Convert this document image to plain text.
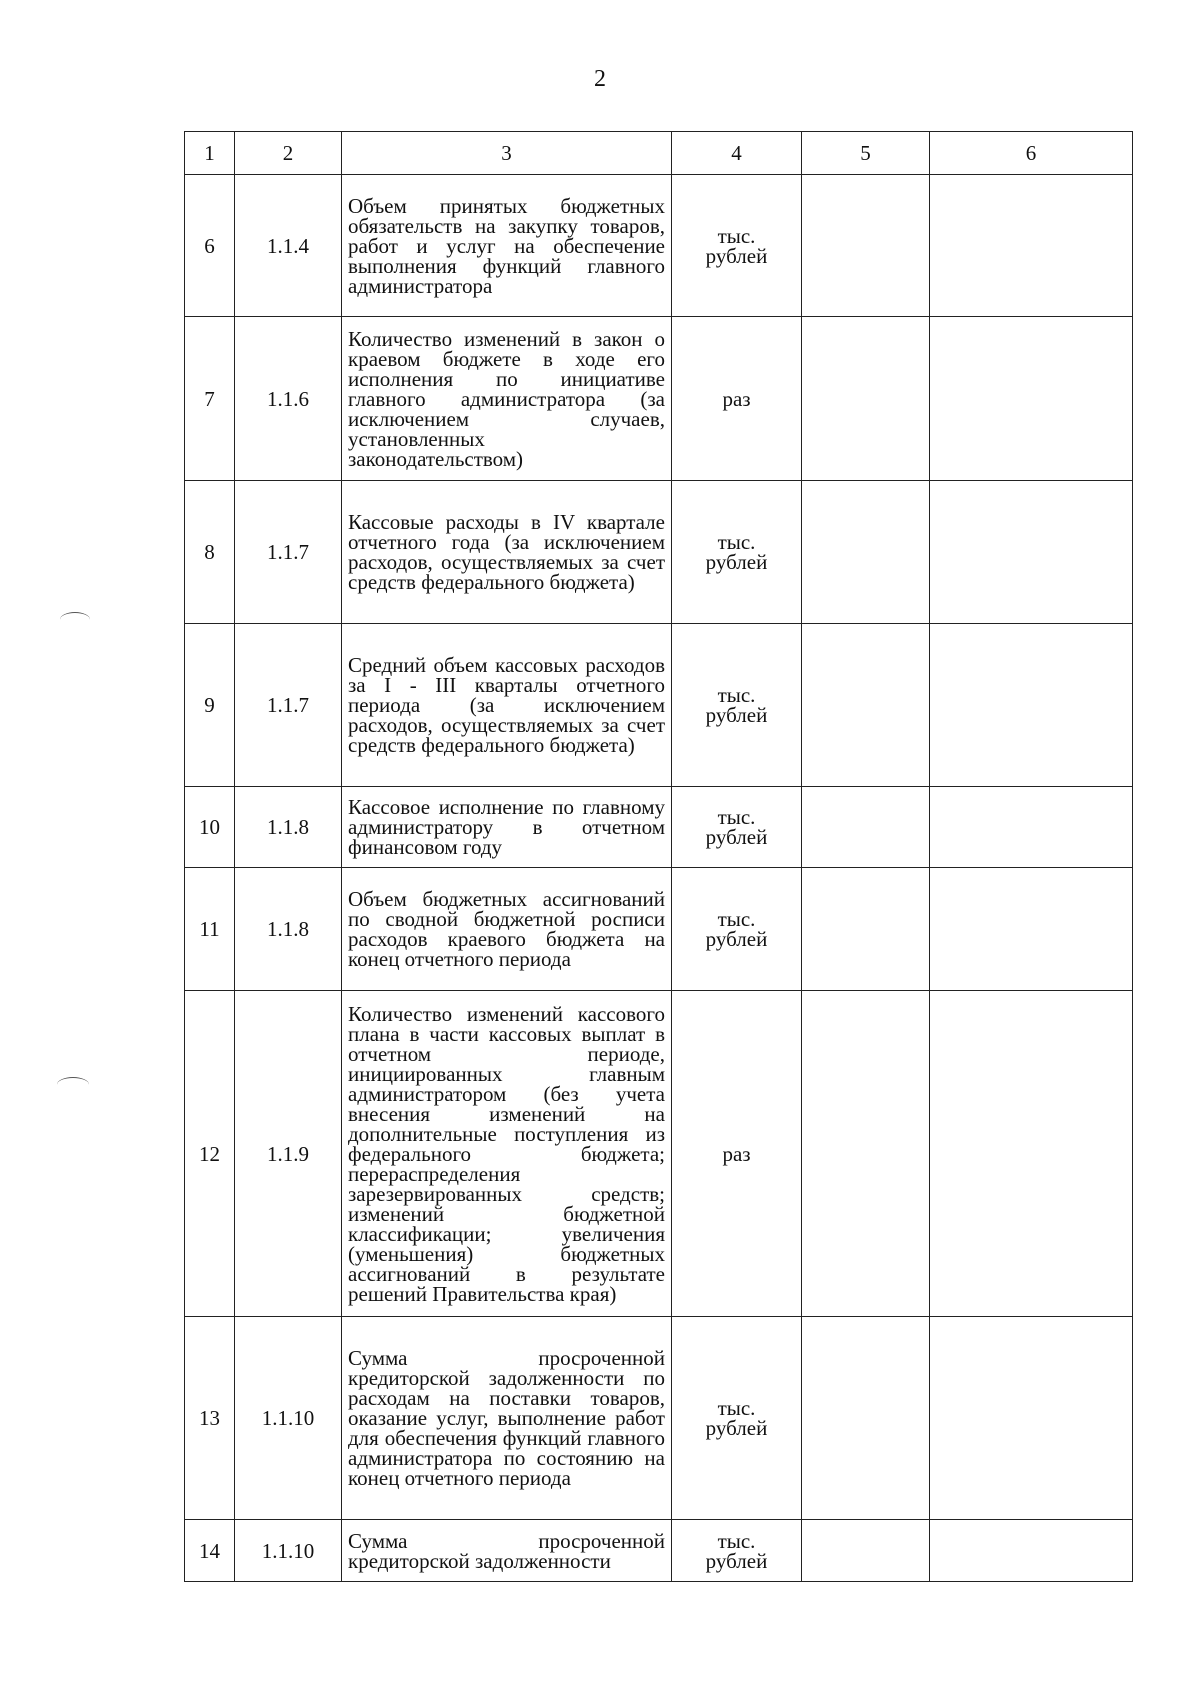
2
1	2	3	4	5	6
6	1.1.4	Объем принятых бюджетных обязательств на закупку товаров, работ и услуг на обеспечение выполнения функций главного администратора	тыс.
рублей		

7	1.1.6	Количество изменений в закон о краевом бюджете в ходе его исполнения по инициативе главного администратора (за исключением случаев, установленных законодательством)	раз		

8	1.1.7	Кассовые расходы в IV квартале отчетного года (за исключением расходов, осуществляемых за счет средств федерального бюджета)	тыс.
рублей		

9	1.1.7	Средний объем кассовых расходов за I - III кварталы отчетного периода (за исключением расходов, осуществляемых за счет средств федерального бюджета)	тыс.
рублей		

10	1.1.8	Кассовое исполнение по главному администратору в отчетном финансовом году	тыс.
рублей		

11	1.1.8	Объем бюджетных ассигнований по сводной бюджетной росписи расходов краевого бюджета на конец отчетного периода	тыс.
рублей		

12	1.1.9	Количество изменений кассового плана в части кассовых выплат в отчетном периоде, инициированных главным администратором (без учета внесения изменений на дополнительные поступления из федерального бюджета; перераспределения зарезервированных средств; изменений бюджетной классификации; увеличения (уменьшения) бюджетных ассигнований в результате решений Правительства края)	раз		

13	1.1.10	Сумма просроченной кредиторской задолженности по расходам на поставки товаров, оказание услуг, выполнение работ для обеспечения функций главного администратора по состоянию на конец отчетного периода	тыс.
рублей		

14	1.1.10	Сумма просроченной кредиторской задолженности	тыс.
рублей		
